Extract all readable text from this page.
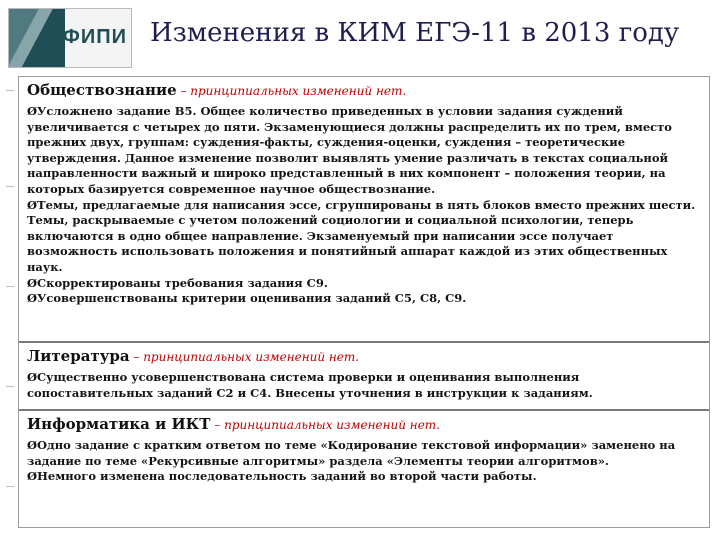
ФИПИ Изменения в КИМ ЕГЭ-11 в 2013 году
Обществознание – принципиальных изменений нет.

ØУсложнено задание В5. Общее количество приведенных в условии задания суждений увеличивается с четырех до пяти. Экзаменующиеся должны распределить их по трем, вместо прежних двух, группам: суждения-факты, суждения-оценки, суждения – теоретические утверждения. Данное изменение позволит выявлять умение различать в текстах социальной направленности важный и широко представленный в них компонент – положения теории, на которых базируется современное научное обществознание.

ØТемы, предлагаемые для написания эссе, сгруппированы в пять блоков вместо прежних шести. Темы, раскрываемые с учетом положений социологии и социальной психологии, теперь включаются в одно общее направление. Экзаменуемый при написании эссе получает возможность использовать положения и понятийный аппарат каждой из этих общественных наук.

ØСкорректированы требования задания С9.

ØУсовершенствованы критерии оценивания заданий С5, С8, С9.

Литература – принципиальных изменений нет.

ØСущественно усовершенствована система проверки и оценивания выполнения сопоставительных заданий С2 и С4. Внесены уточнения в инструкции к заданиям.

Информатика и ИКТ – принципиальных изменений нет.

ØОдно задание с кратким ответом по теме «Кодирование текстовой информации» заменено на задание по теме «Рекурсивные алгоритмы» раздела «Элементы теории алгоритмов».

ØНемного изменена последовательность заданий во второй части работы.
